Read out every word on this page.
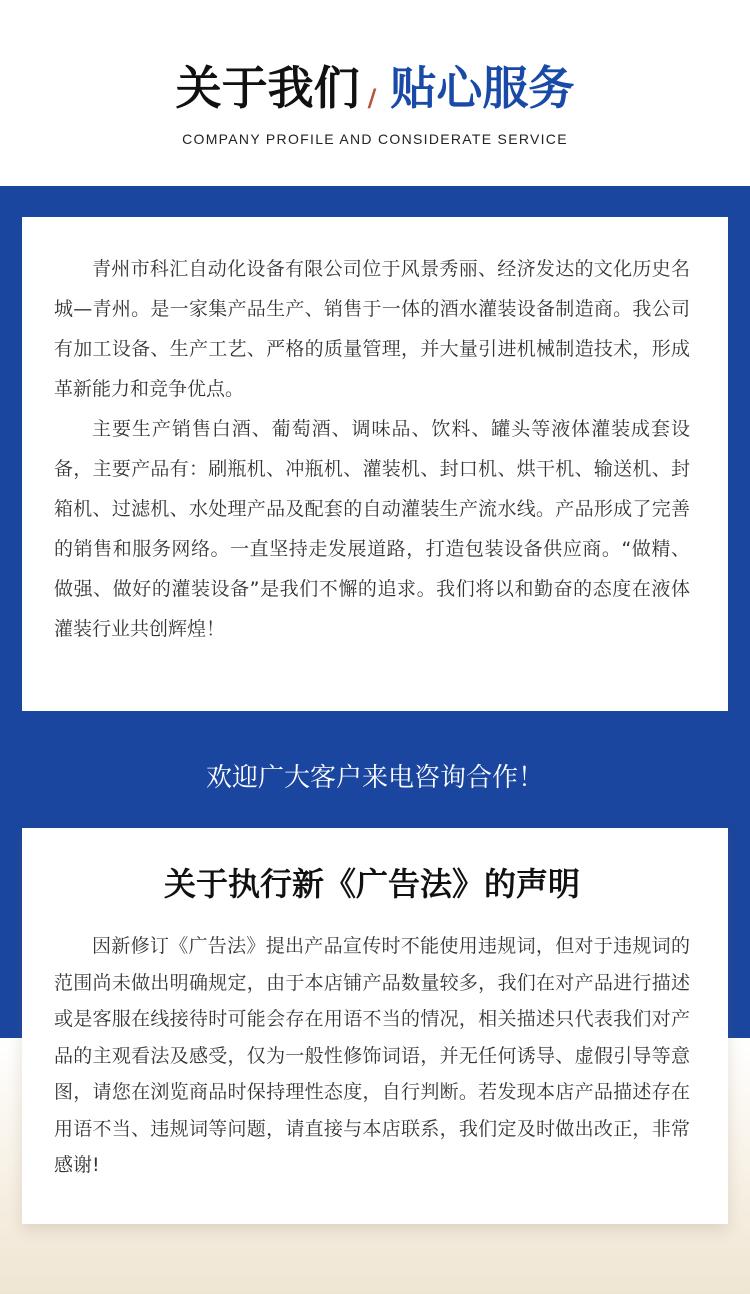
关于我们 / 贴心服务
COMPANY PROFILE AND CONSIDERATE SERVICE

青州市科汇自动化设备有限公司位于风景秀丽、经济发达的文化历史名城—青州。是一家集产品生产、销售于一体的酒水灌装设备制造商。我公司有加工设备、生产工艺、严格的质量管理，并大量引进机械制造技术，形成革新能力和竞争优点。

主要生产销售白酒、葡萄酒、调味品、饮料、罐头等液体灌装成套设备，主要产品有：刷瓶机、冲瓶机、灌装机、封口机、烘干机、输送机、封箱机、过滤机、水处理产品及配套的自动灌装生产流水线。产品形成了完善的销售和服务网络。一直坚持走发展道路，打造包装设备供应商。“做精、做强、做好的灌装设备”是我们不懈的追求。我们将以和勤奋的态度在液体灌装行业共创辉煌！

欢迎广大客户来电咨询合作！
关于执行新《广告法》的声明

因新修订《广告法》提出产品宣传时不能使用违规词，但对于违规词的范围尚未做出明确规定，由于本店铺产品数量较多，我们在对产品进行描述或是客服在线接待时可能会存在用语不当的情况，相关描述只代表我们对产品的主观看法及感受，仅为一般性修饰词语，并无任何诱导、虚假引导等意图，请您在浏览商品时保持理性态度，自行判断。若发现本店产品描述存在用语不当、违规词等问题，请直接与本店联系，我们定及时做出改正，非常感谢!
